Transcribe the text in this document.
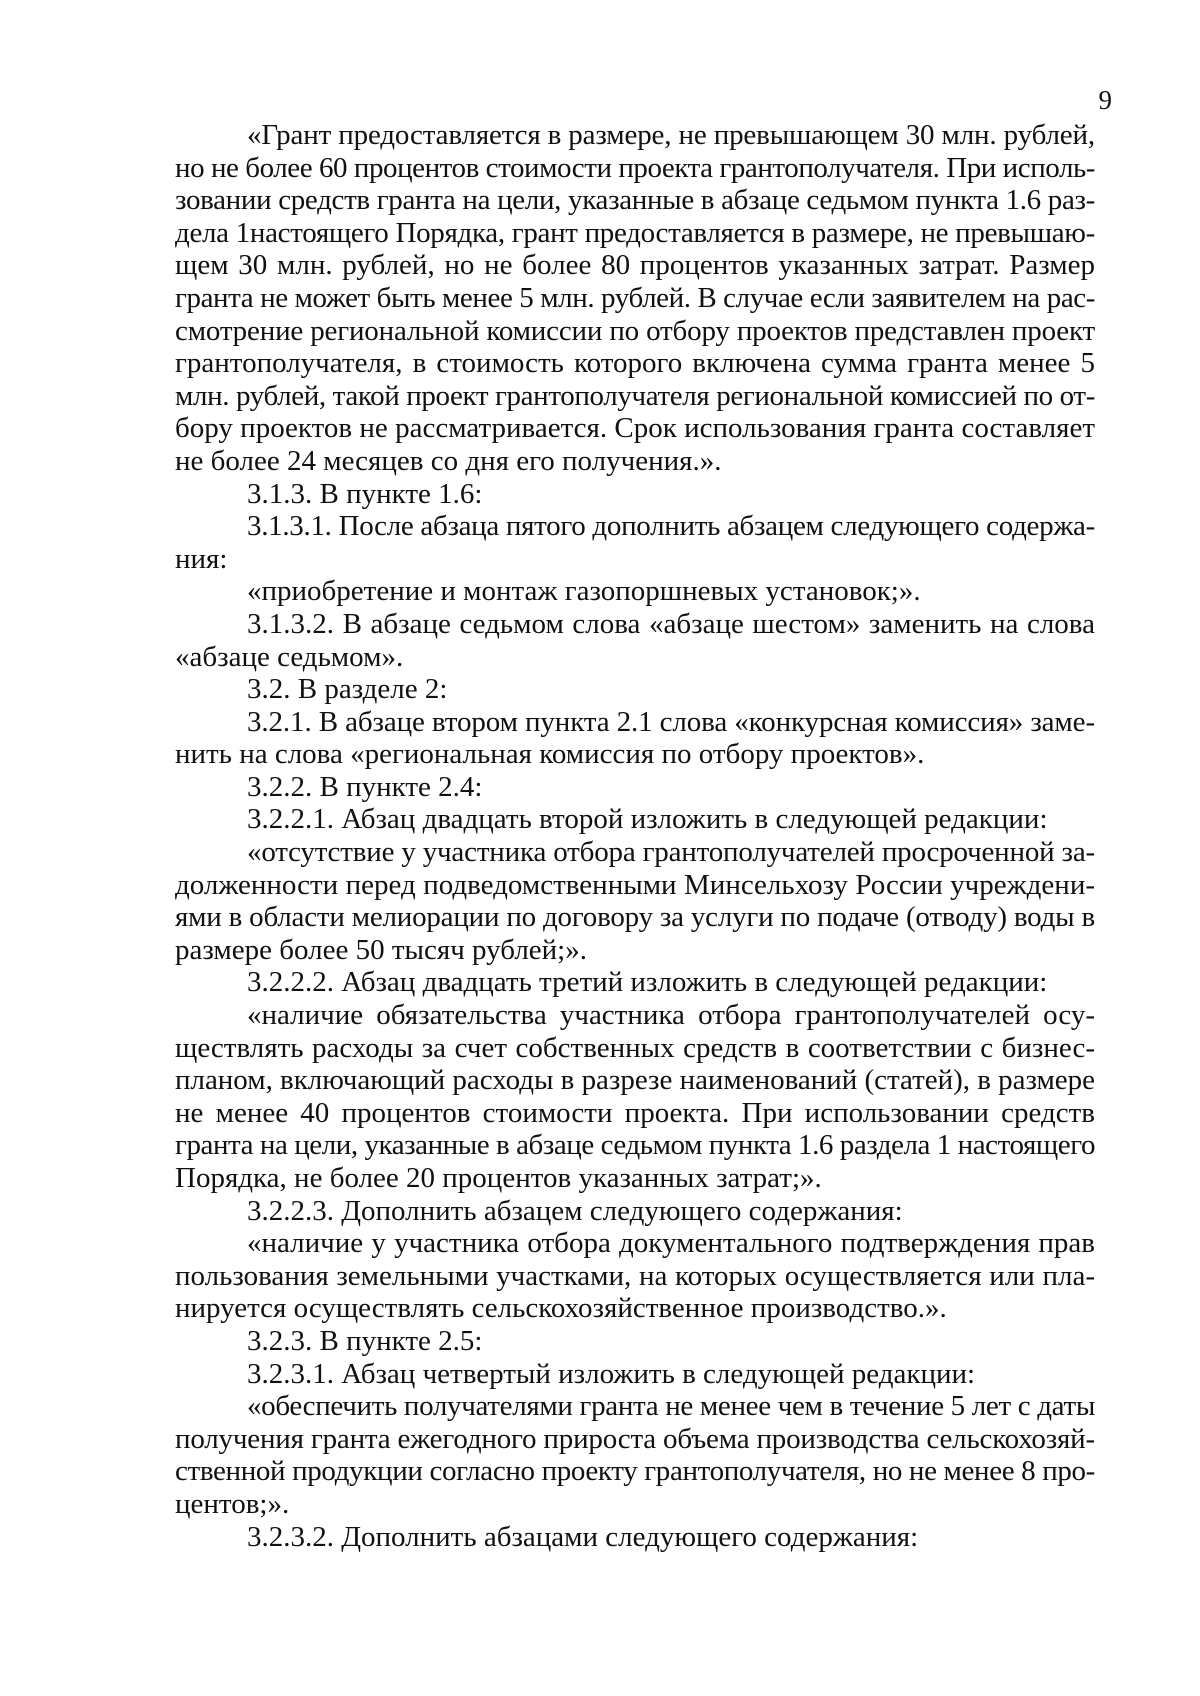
9
«Грант предоставляется в размере, не превышающем 30 млн. рублей,
но не более 60 процентов стоимости проекта грантополучателя. При исполь-
зовании средств гранта на цели, указанные в абзаце седьмом пункта 1.6 раз-
дела 1настоящего Порядка, грант предоставляется в размере, не превышаю-
щем 30 млн. рублей, но не более 80 процентов указанных затрат. Размер
гранта не может быть менее 5 млн. рублей. В случае если заявителем на рас-
смотрение региональной комиссии по отбору проектов представлен проект
грантополучателя, в стоимость которого включена сумма гранта менее 5
млн. рублей, такой проект грантополучателя региональной комиссией по от-
бору проектов не рассматривается. Срок использования гранта составляет
не более 24 месяцев со дня его получения.».
3.1.3. В пункте 1.6:
3.1.3.1. После абзаца пятого дополнить абзацем следующего содержа-
ния:
«приобретение и монтаж газопоршневых установок;».
3.1.3.2. В абзаце седьмом слова «абзаце шестом» заменить на слова
«абзаце седьмом».
3.2. В разделе 2:
3.2.1. В абзаце втором пункта 2.1 слова «конкурсная комиссия» заме-
нить на слова «региональная комиссия по отбору проектов».
3.2.2. В пункте 2.4:
3.2.2.1. Абзац двадцать второй изложить в следующей редакции:
«отсутствие у участника отбора грантополучателей просроченной за-
долженности перед подведомственными Минсельхозу России учреждени-
ями в области мелиорации по договору за услуги по подаче (отводу) воды в
размере более 50 тысяч рублей;».
3.2.2.2. Абзац двадцать третий изложить в следующей редакции:
«наличие обязательства участника отбора грантополучателей осу-
ществлять расходы за счет собственных средств в соответствии с бизнес-
планом, включающий расходы в разрезе наименований (статей), в размере
не менее 40 процентов стоимости проекта. При использовании средств
гранта на цели, указанные в абзаце седьмом пункта 1.6 раздела 1 настоящего
Порядка, не более 20 процентов указанных затрат;».
3.2.2.3. Дополнить абзацем следующего содержания:
«наличие у участника отбора документального подтверждения прав
пользования земельными участками, на которых осуществляется или пла-
нируется осуществлять сельскохозяйственное производство.».
3.2.3. В пункте 2.5:
3.2.3.1. Абзац четвертый изложить в следующей редакции:
«обеспечить получателями гранта не менее чем в течение 5 лет с даты
получения гранта ежегодного прироста объема производства сельскохозяй-
ственной продукции согласно проекту грантополучателя, но не менее 8 про-
центов;».
3.2.3.2. Дополнить абзацами следующего содержания:
